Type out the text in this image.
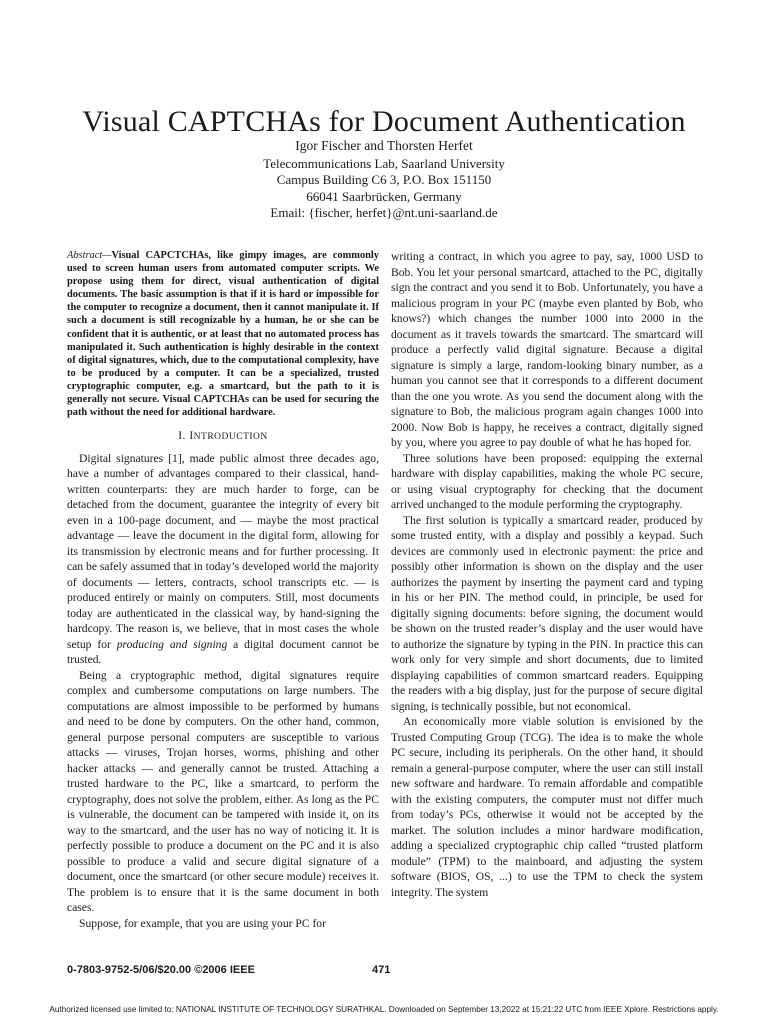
Visual CAPTCHAs for Document Authentication
Igor Fischer and Thorsten Herfet
Telecommunications Lab, Saarland University
Campus Building C6 3, P.O. Box 151150
66041 Saarbrücken, Germany
Email: {fischer, herfet}@nt.uni-saarland.de

Abstract—Visual CAPCTCHAs, like gimpy images, are commonly used to screen human users from automated computer scripts. We propose using them for direct, visual authentication of digital documents. The basic assumption is that if it is hard or impossible for the computer to recognize a document, then it cannot manipulate it. If such a document is still recognizable by a human, he or she can be confident that it is authentic, or at least that no automated process has manipulated it. Such authentication is highly desirable in the context of digital signatures, which, due to the computational complexity, have to be produced by a computer. It can be a specialized, trusted cryptographic computer, e.g. a smartcard, but the path to it is generally not secure. Visual CAPTCHAs can be used for securing the path without the need for additional hardware.

I. INTRODUCTION

Digital signatures [1], made public almost three decades ago, have a number of advantages compared to their classical, hand-written counterparts: they are much harder to forge, can be detached from the document, guarantee the integrity of every bit even in a 100-page document, and — maybe the most practical advantage — leave the document in the digital form, allowing for its transmission by electronic means and for further processing. It can be safely assumed that in today’s developed world the majority of documents — letters, contracts, school transcripts etc. — is produced entirely or mainly on computers. Still, most documents today are authenticated in the classical way, by hand-signing the hardcopy. The reason is, we believe, that in most cases the whole setup for producing and signing a digital document cannot be trusted.

Being a cryptographic method, digital signatures require complex and cumbersome computations on large numbers. The computations are almost impossible to be performed by humans and need to be done by computers. On the other hand, common, general purpose personal computers are susceptible to various attacks — viruses, Trojan horses, worms, phishing and other hacker attacks — and generally cannot be trusted. Attaching a trusted hardware to the PC, like a smartcard, to perform the cryptography, does not solve the problem, either. As long as the PC is vulnerable, the document can be tampered with inside it, on its way to the smartcard, and the user has no way of noticing it. It is perfectly possible to produce a document on the PC and it is also possible to produce a valid and secure digital signature of a document, once the smartcard (or other secure module) receives it. The problem is to ensure that it is the same document in both cases.

Suppose, for example, that you are using your PC for

writing a contract, in which you agree to pay, say, 1000 USD to Bob. You let your personal smartcard, attached to the PC, digitally sign the contract and you send it to Bob. Unfortunately, you have a malicious program in your PC (maybe even planted by Bob, who knows?) which changes the number 1000 into 2000 in the document as it travels towards the smartcard. The smartcard will produce a perfectly valid digital signature. Because a digital signature is simply a large, random-looking binary number, as a human you cannot see that it corresponds to a different document than the one you wrote. As you send the document along with the signature to Bob, the malicious program again changes 1000 into 2000. Now Bob is happy, he receives a contract, digitally signed by you, where you agree to pay double of what he has hoped for.

Three solutions have been proposed: equipping the external hardware with display capabilities, making the whole PC secure, or using visual cryptography for checking that the document arrived unchanged to the module performing the cryptography.

The first solution is typically a smartcard reader, produced by some trusted entity, with a display and possibly a keypad. Such devices are commonly used in electronic payment: the price and possibly other information is shown on the display and the user authorizes the payment by inserting the payment card and typing in his or her PIN. The method could, in principle, be used for digitally signing documents: before signing, the document would be shown on the trusted reader’s display and the user would have to authorize the signature by typing in the PIN. In practice this can work only for very simple and short documents, due to limited displaying capabilities of common smartcard readers. Equipping the readers with a big display, just for the purpose of secure digital signing, is technically possible, but not economical.

An economically more viable solution is envisioned by the Trusted Computing Group (TCG). The idea is to make the whole PC secure, including its peripherals. On the other hand, it should remain a general-purpose computer, where the user can still install new software and hardware. To remain affordable and compatible with the existing computers, the computer must not differ much from today’s PCs, otherwise it would not be accepted by the market. The solution includes a minor hardware modification, adding a specialized cryptographic chip called “trusted platform module” (TPM) to the mainboard, and adjusting the system software (BIOS, OS, ...) to use the TPM to check the system integrity. The system

0-7803-9752-5/06/$20.00 ©2006 IEEE	471
Authorized licensed use limited to: NATIONAL INSTITUTE OF TECHNOLOGY SURATHKAL. Downloaded on September 13,2022 at 15:21:22 UTC from IEEE Xplore. Restrictions apply.
